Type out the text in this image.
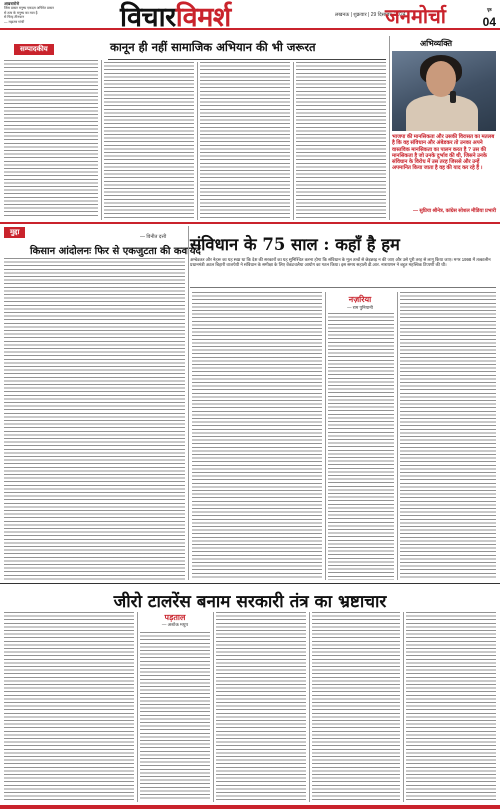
अख़बारोसे
जिस प्रकार मनुष्य एकदम अचिरेत प्रकार
से तत्व के मनुष्य का मात है
से चिन्ह तीनयान
— महात्मा गांधी	विचार विमर्श	लखनऊ | शुक्रवार | 29 दिसम्बर, 2024
जनमोर्चा	पृष्ठ
04
सम्पादकीय	कानून ही नहीं सामाजिक अभियान की भी जरूरत	अभिव्यक्ति
भाजपा की मानसिकता और उसकी विरासत का मतलब है कि वह संविधान और अंबेडकर तो उनका अपने वास्तविक मानसिकता का पालन करत है ? उस की मानसिकता है जो उनके दुर्भाव की थी, जिसने उनके संविधान के विरोध में उस तरह जिससे और उन्हें अपमानित किया जाता है वह की याद कर रहे हैं ।
— सुप्रिया श्रीनेत्र, कांग्रेस सोशल मीडिया प्रभारी
मुद्दा
— विनीत दत्ती
किसान आंदोलनः फिर से एकजुटता की कवायदें
संविधान के 75 साल : कहाँ है हम
अम्बेडकर और नेहरू का यह स्वप्न था कि देश की सरकारों का यह सुनिश्चित करना होगा कि संविधान के मूल तत्वों से छेड़छाड़ न की जाए और उसे पूरी तरह से लागू किया जाए। मगर 1998 में तत्कालीन प्रधानमंत्री अटल बिहारी वाजपेयी ने संविधान के समीक्षा के लिए वेंकटचलैया आयोग का गठन किया। इस समय सहाली डी.आर. नारायणन ने बहुत महत्त्विक टिप्पणी की थी।
नज़रिया
— राम पुनियानी
जीरो टालरेंस बनाम सरकारी तंत्र का भ्रष्टाचार
पड़ताल
— अशोक मधुप
